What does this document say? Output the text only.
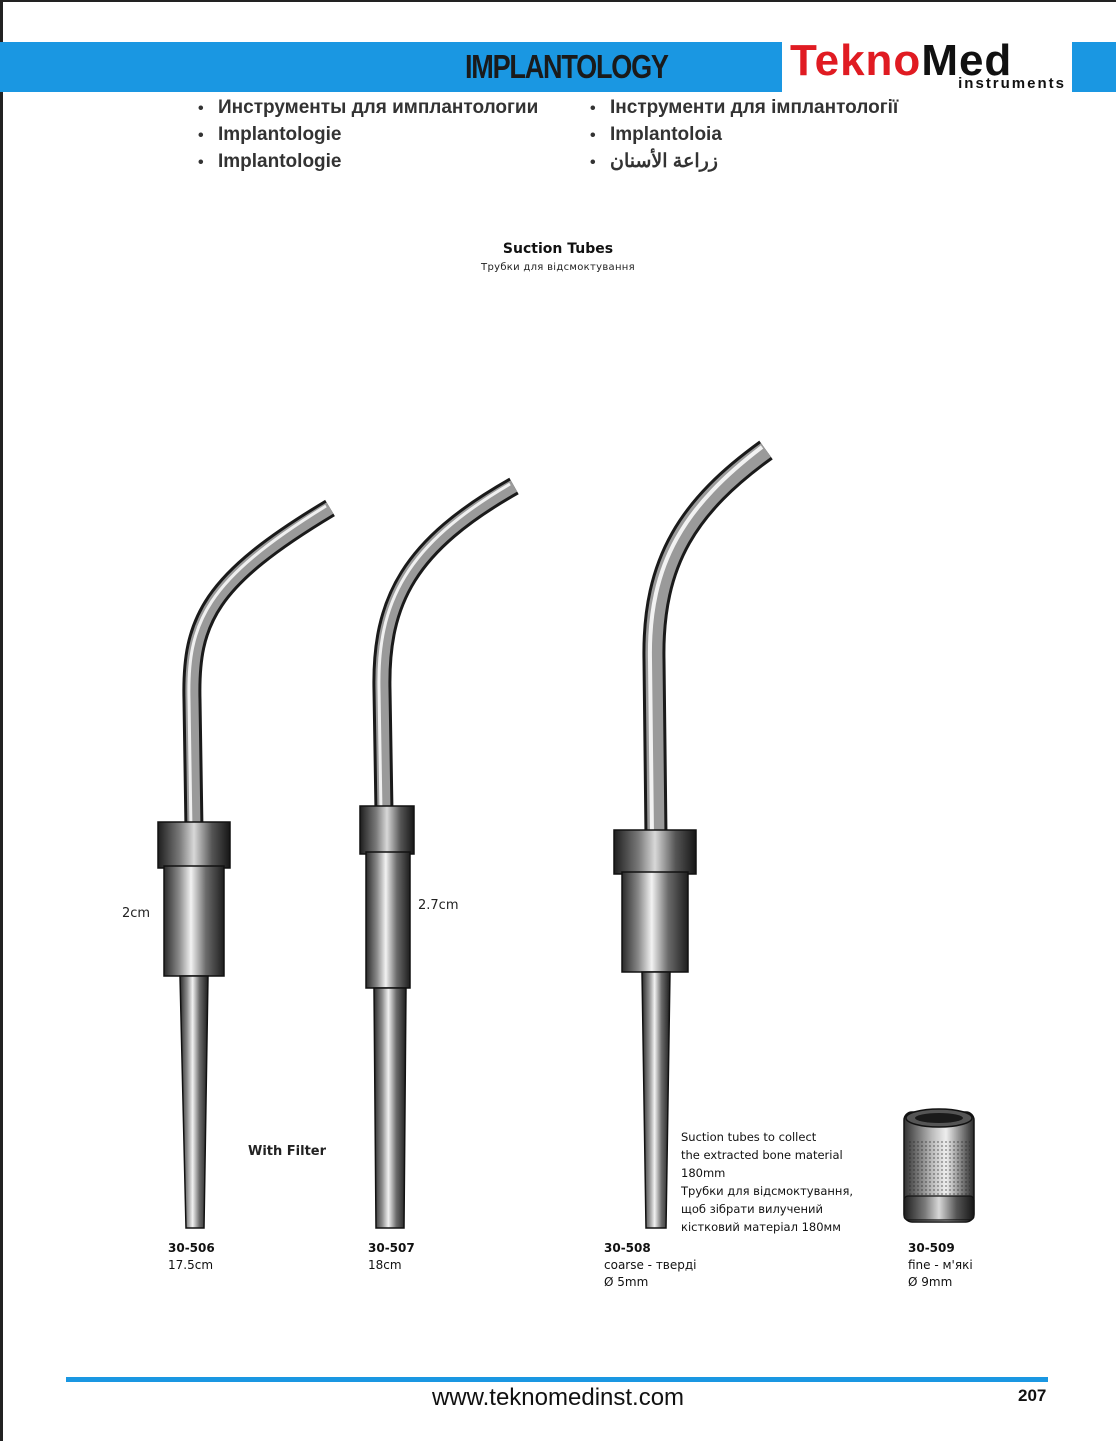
IMPLANTOLOGY	TeknoMed
instruments
• Инструменты для имплантологии
• Implantologie
• Implantologie
• Інструменти для імплантології
• Implantoloia
• زراعة الأسنان
Suction Tubes
Трубки для відсмоктування
2cm
2.7cm
With Filter
Suction tubes to collect
the extracted bone material
180mm
Трубки для відсмоктування,
щоб зібрати вилучений
кістковий матеріал 180мм
30-506
17.5cm
30-507
18cm
30-508
coarse - тверді
Ø 5mm
30-509
fine - м'які
Ø 9mm
www.teknomedinst.com	207
